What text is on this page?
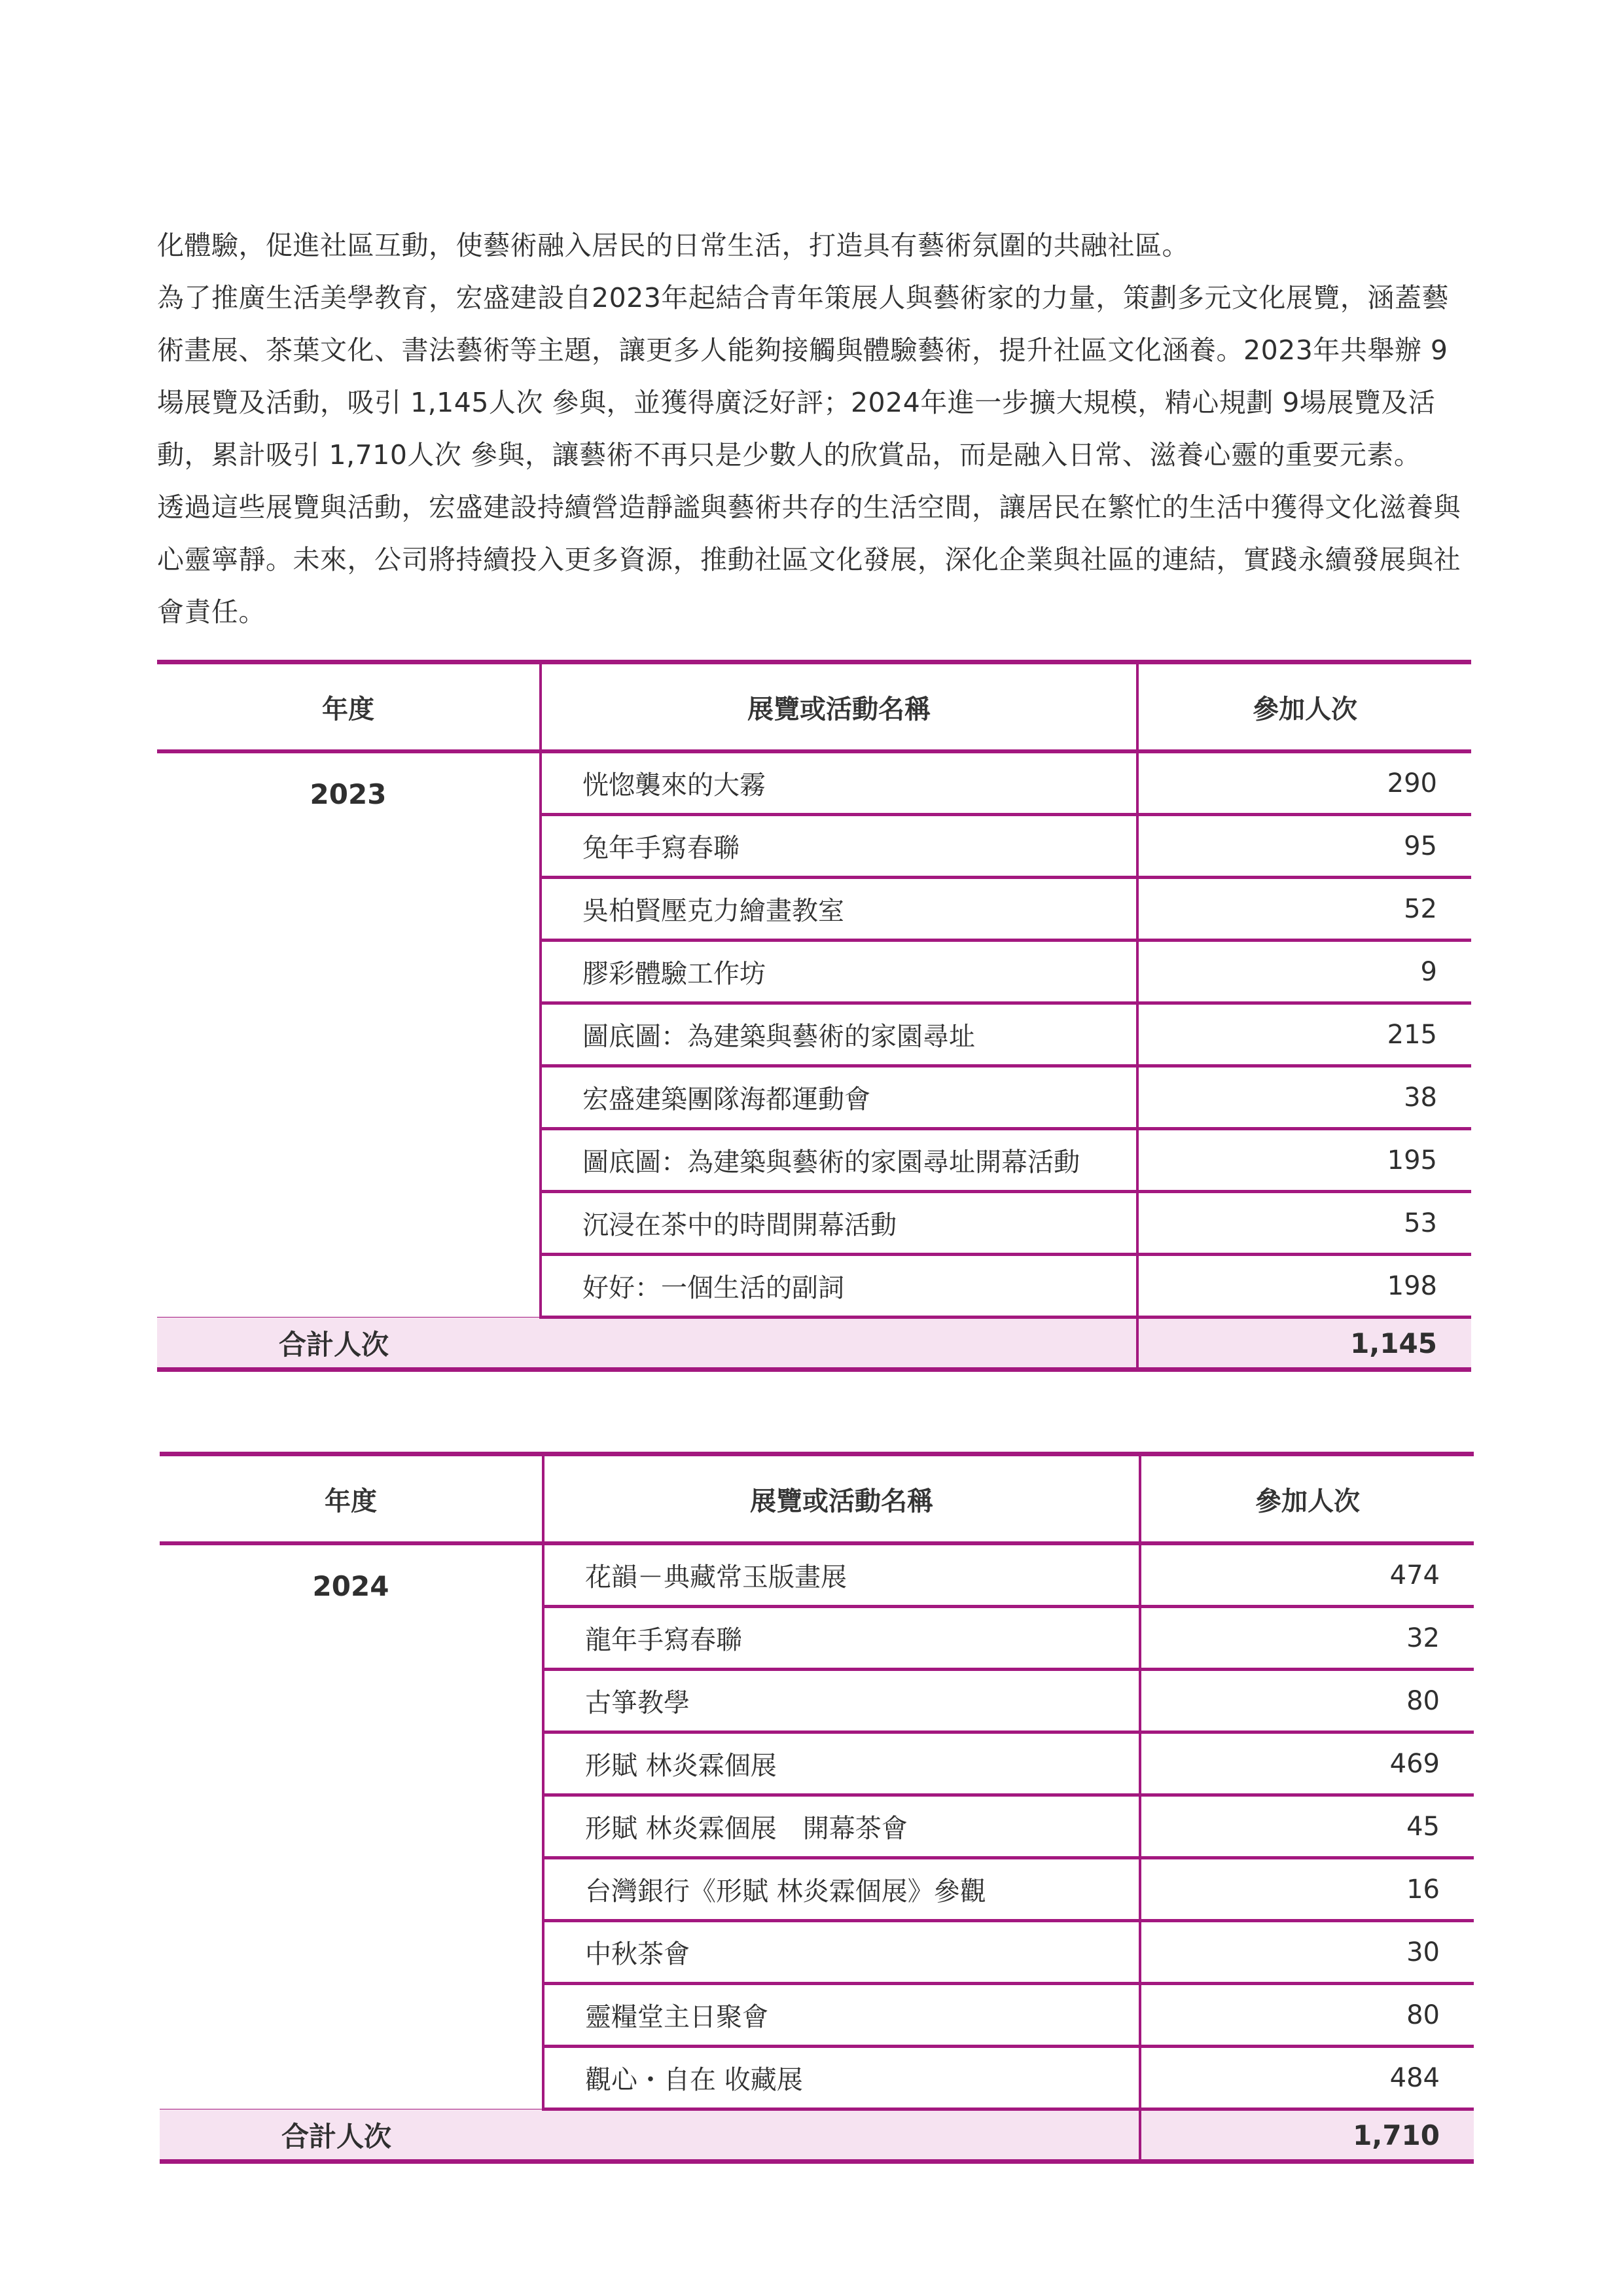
化體驗，促進社區互動，使藝術融入居民的日常生活，打造具有藝術氛圍的共融社區。

為了推廣生活美學教育，宏盛建設自2023年起結合青年策展人與藝術家的力量，策劃多元文化展覽，涵蓋藝術畫展、茶葉文化、書法藝術等主題，讓更多人能夠接觸與體驗藝術，提升社區文化涵養。2023年共舉辦 9場展覽及活動，吸引 1,145人次 參與，並獲得廣泛好評；2024年進一步擴大規模，精心規劃 9場展覽及活動，累計吸引 1,710人次 參與，讓藝術不再只是少數人的欣賞品，而是融入日常、滋養心靈的重要元素。

透過這些展覽與活動，宏盛建設持續營造靜謐與藝術共存的生活空間，讓居民在繁忙的生活中獲得文化滋養與心靈寧靜。未來，公司將持續投入更多資源，推動社區文化發展，深化企業與社區的連結，實踐永續發展與社會責任。

年度	展覽或活動名稱	參加人次
2023	恍惚襲來的大霧	290
	兔年手寫春聯	95
	吳柏賢壓克力繪畫教室	52
	膠彩體驗工作坊	9
	圖底圖：為建築與藝術的家園尋址	215
	宏盛建築團隊海都運動會	38
	圖底圖：為建築與藝術的家園尋址開幕活動	195
	沉浸在茶中的時間開幕活動	53
	好好：一個生活的副詞	198
合計人次		1,145
年度	展覽或活動名稱	參加人次
2024	花韻－典藏常玉版畫展	474
	龍年手寫春聯	32
	古箏教學	80
	形賦 林炎霖個展	469
	形賦 林炎霖個展　開幕茶會	45
	台灣銀行《形賦 林炎霖個展》參觀	16
	中秋茶會	30
	靈糧堂主日聚會	80
	觀心・自在 收藏展	484
合計人次		1,710
